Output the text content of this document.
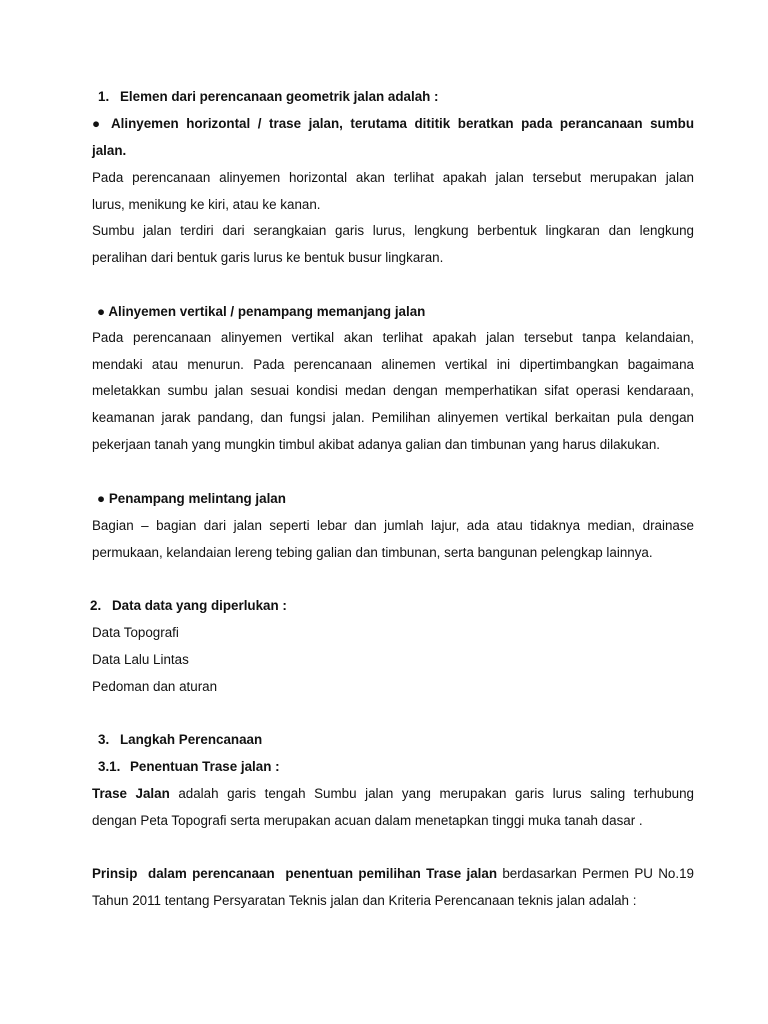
1. Elemen dari perencanaan geometrik jalan adalah :
● Alinyemen horizontal / trase jalan, terutama dititik beratkan pada perancanaan sumbu
jalan.
Pada perencanaan alinyemen horizontal akan terlihat apakah jalan tersebut merupakan jalan
lurus, menikung ke kiri, atau ke kanan.
Sumbu jalan terdiri dari serangkaian garis lurus, lengkung berbentuk lingkaran dan lengkung
peralihan dari bentuk garis lurus ke bentuk busur lingkaran.
● Alinyemen vertikal / penampang memanjang jalan
Pada perencanaan alinyemen vertikal akan terlihat apakah jalan tersebut tanpa kelandaian,
mendaki atau menurun. Pada perencanaan alinemen vertikal ini dipertimbangkan bagaimana
meletakkan sumbu jalan sesuai kondisi medan dengan memperhatikan sifat operasi kendaraan,
keamanan jarak pandang, dan fungsi jalan. Pemilihan alinyemen vertikal berkaitan pula dengan
pekerjaan tanah yang mungkin timbul akibat adanya galian dan timbunan yang harus dilakukan.
● Penampang melintang jalan
Bagian – bagian dari jalan seperti lebar dan jumlah lajur, ada atau tidaknya median, drainase
permukaan, kelandaian lereng tebing galian dan timbunan, serta bangunan pelengkap lainnya.
2. Data data yang diperlukan :
Data Topografi
Data Lalu Lintas
Pedoman dan aturan
3. Langkah Perencanaan
3.1. Penentuan Trase jalan :
Trase Jalan adalah garis tengah Sumbu jalan yang merupakan garis lurus saling terhubung
dengan Peta Topografi serta merupakan acuan dalam menetapkan tinggi muka tanah dasar .
Prinsip  dalam perencanaan  penentuan pemilihan Trase jalan berdasarkan Permen PU No.19
Tahun 2011 tentang Persyaratan Teknis jalan dan Kriteria Perencanaan teknis jalan adalah :
